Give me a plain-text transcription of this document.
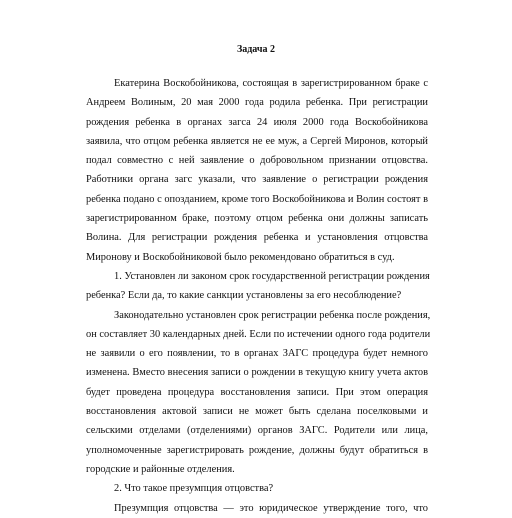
Задача 2
Екатерина Воскобойникова, состоящая в зарегистрированном браке с
Андреем Волиным, 20 мая 2000 года родила ребенка. При регистрации
рождения ребенка в органах загса 24 июля 2000 года Воскобойникова
заявила, что отцом ребенка является не ее муж, а Сергей Миронов, который
подал совместно с ней заявление о добровольном признании отцовства.
Работники органа загс указали, что заявление о регистрации рождения
ребенка подано с опозданием, кроме того Воскобойникова и Волин состоят в
зарегистрированном браке, поэтому отцом ребенка они должны записать
Волина. Для регистрации рождения ребенка и установления отцовства
Миронову и Воскобойниковой было рекомендовано обратиться в суд.
1. Установлен ли законом срок государственной регистрации рождения
ребенка? Если да, то какие санкции установлены за его несоблюдение?
Законодательно установлен срок регистрации ребенка после рождения,
он составляет 30 календарных дней. Если по истечении одного года родители
не заявили о его появлении, то в органах ЗАГС процедура будет немного
изменена. Вместо внесения записи о рождении в текущую книгу учета актов
будет проведена процедура восстановления записи. При этом операция
восстановления актовой записи не может быть сделана поселковыми и
сельскими отделами (отделениями) органов ЗАГС. Родители или лица,
уполномоченные зарегистрировать рождение, должны будут обратиться в
городские и районные отделения.
2. Что такое презумпция отцовства?
Презумпция отцовства — это юридическое утверждение того, что
